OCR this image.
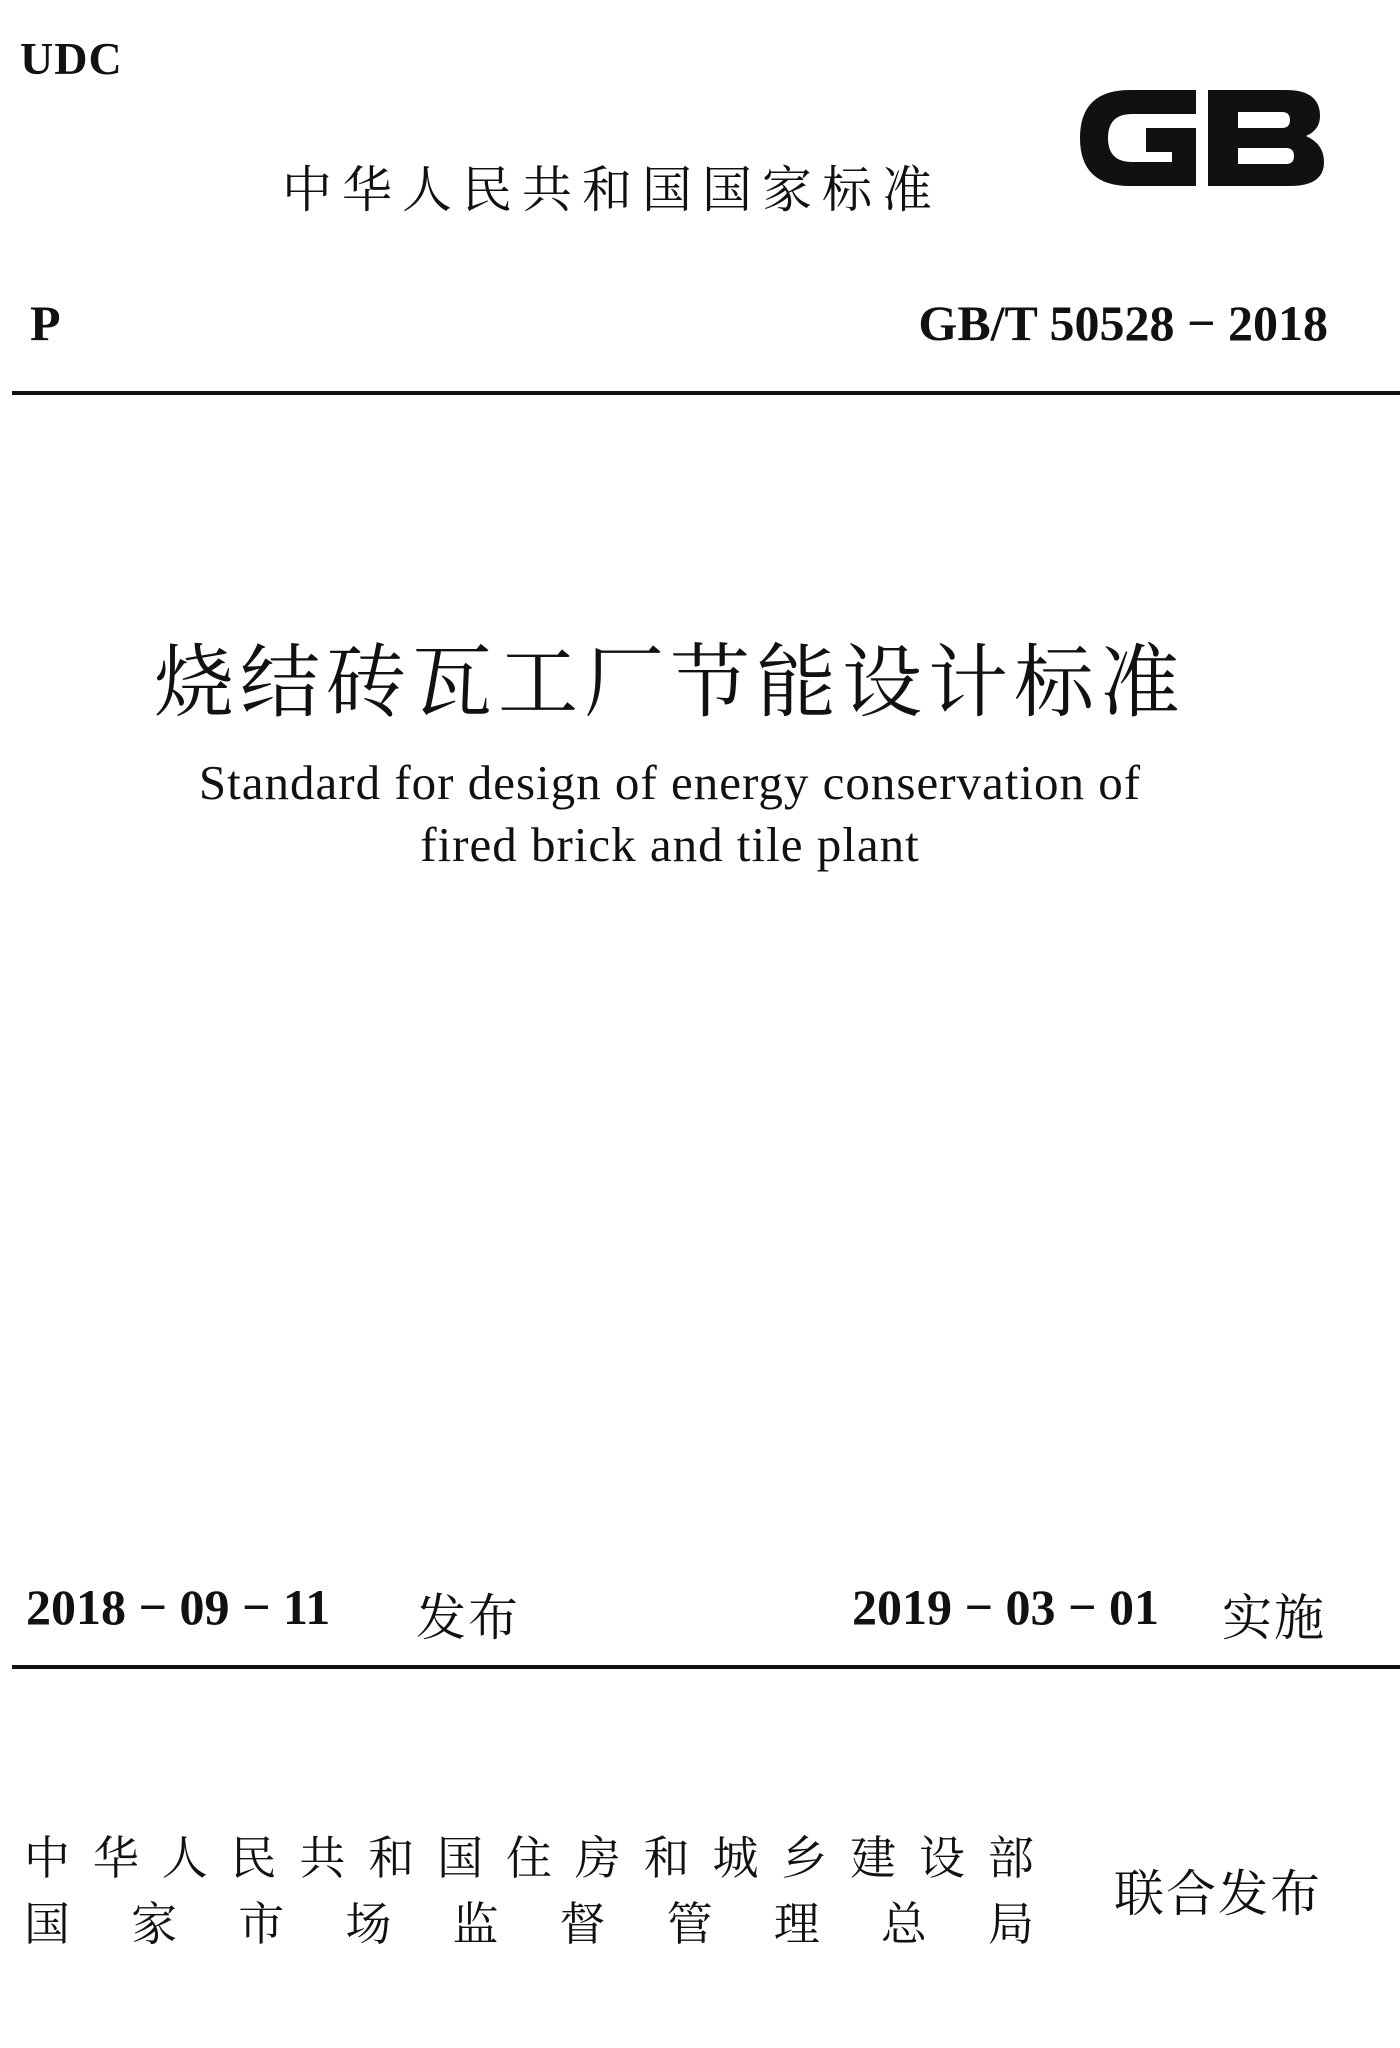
UDC
中华人民共和国国家标准
GB
P	GB/T 50528 − 2018
烧结砖瓦工厂节能设计标准
Standard for design of energy conservation of
fired brick and tile plant
2018 − 09 − 11 发布	2019 − 03 − 01 实施
中 华 人 民 共 和 国 住 房 和 城 乡 建 设 部
国 家 市 场 监 督 管 理 总 局
联合发布
